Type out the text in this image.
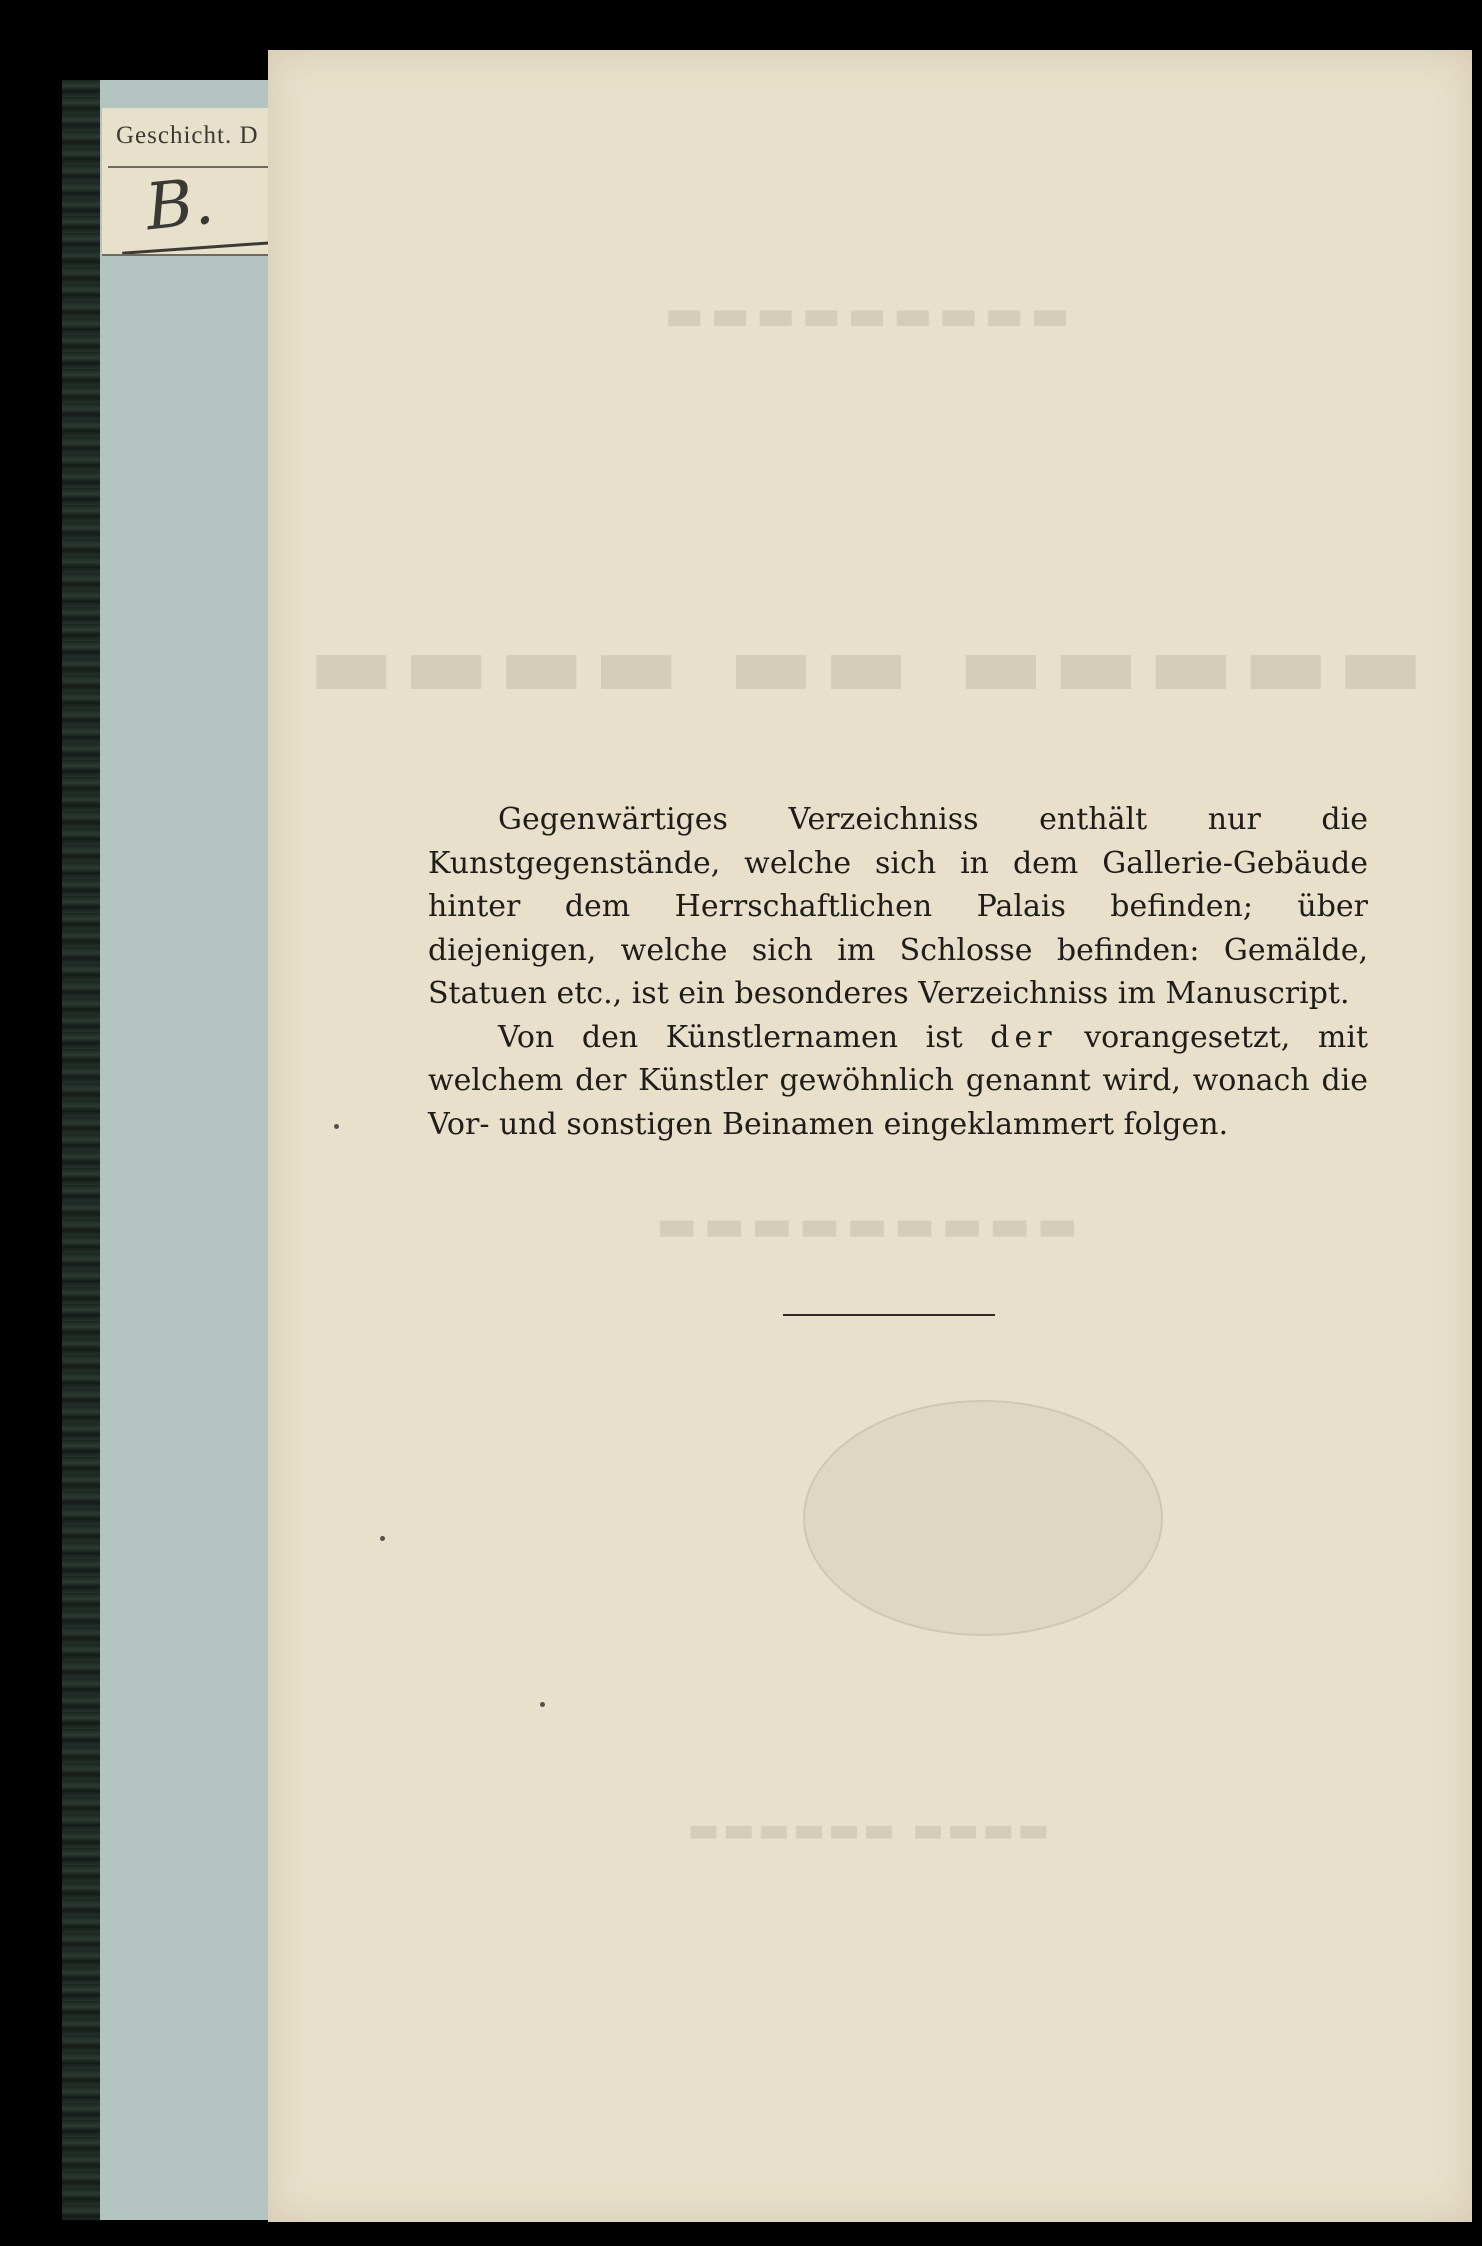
Geschicht. D
B.
▬▬▬▬▬▬▬▬▬
▬▬▬▬ ▬▬ ▬▬▬▬▬
▬▬▬▬▬▬▬▬▬
▬▬▬▬▬▬ ▬▬▬▬

Gegenwärtiges Verzeichniss enthält nur die Kunstgegenstände, welche sich in dem Gallerie-Gebäude hinter dem Herrschaftlichen Palais befinden; über diejenigen, welche sich im Schlosse befinden: Gemälde, Statuen etc., ist ein besonderes Verzeichniss im Manuscript.

Von den Künstlernamen ist der vorangesetzt, mit welchem der Künstler gewöhnlich genannt wird, wonach die Vor- und sonstigen Beinamen eingeklammert folgen.
